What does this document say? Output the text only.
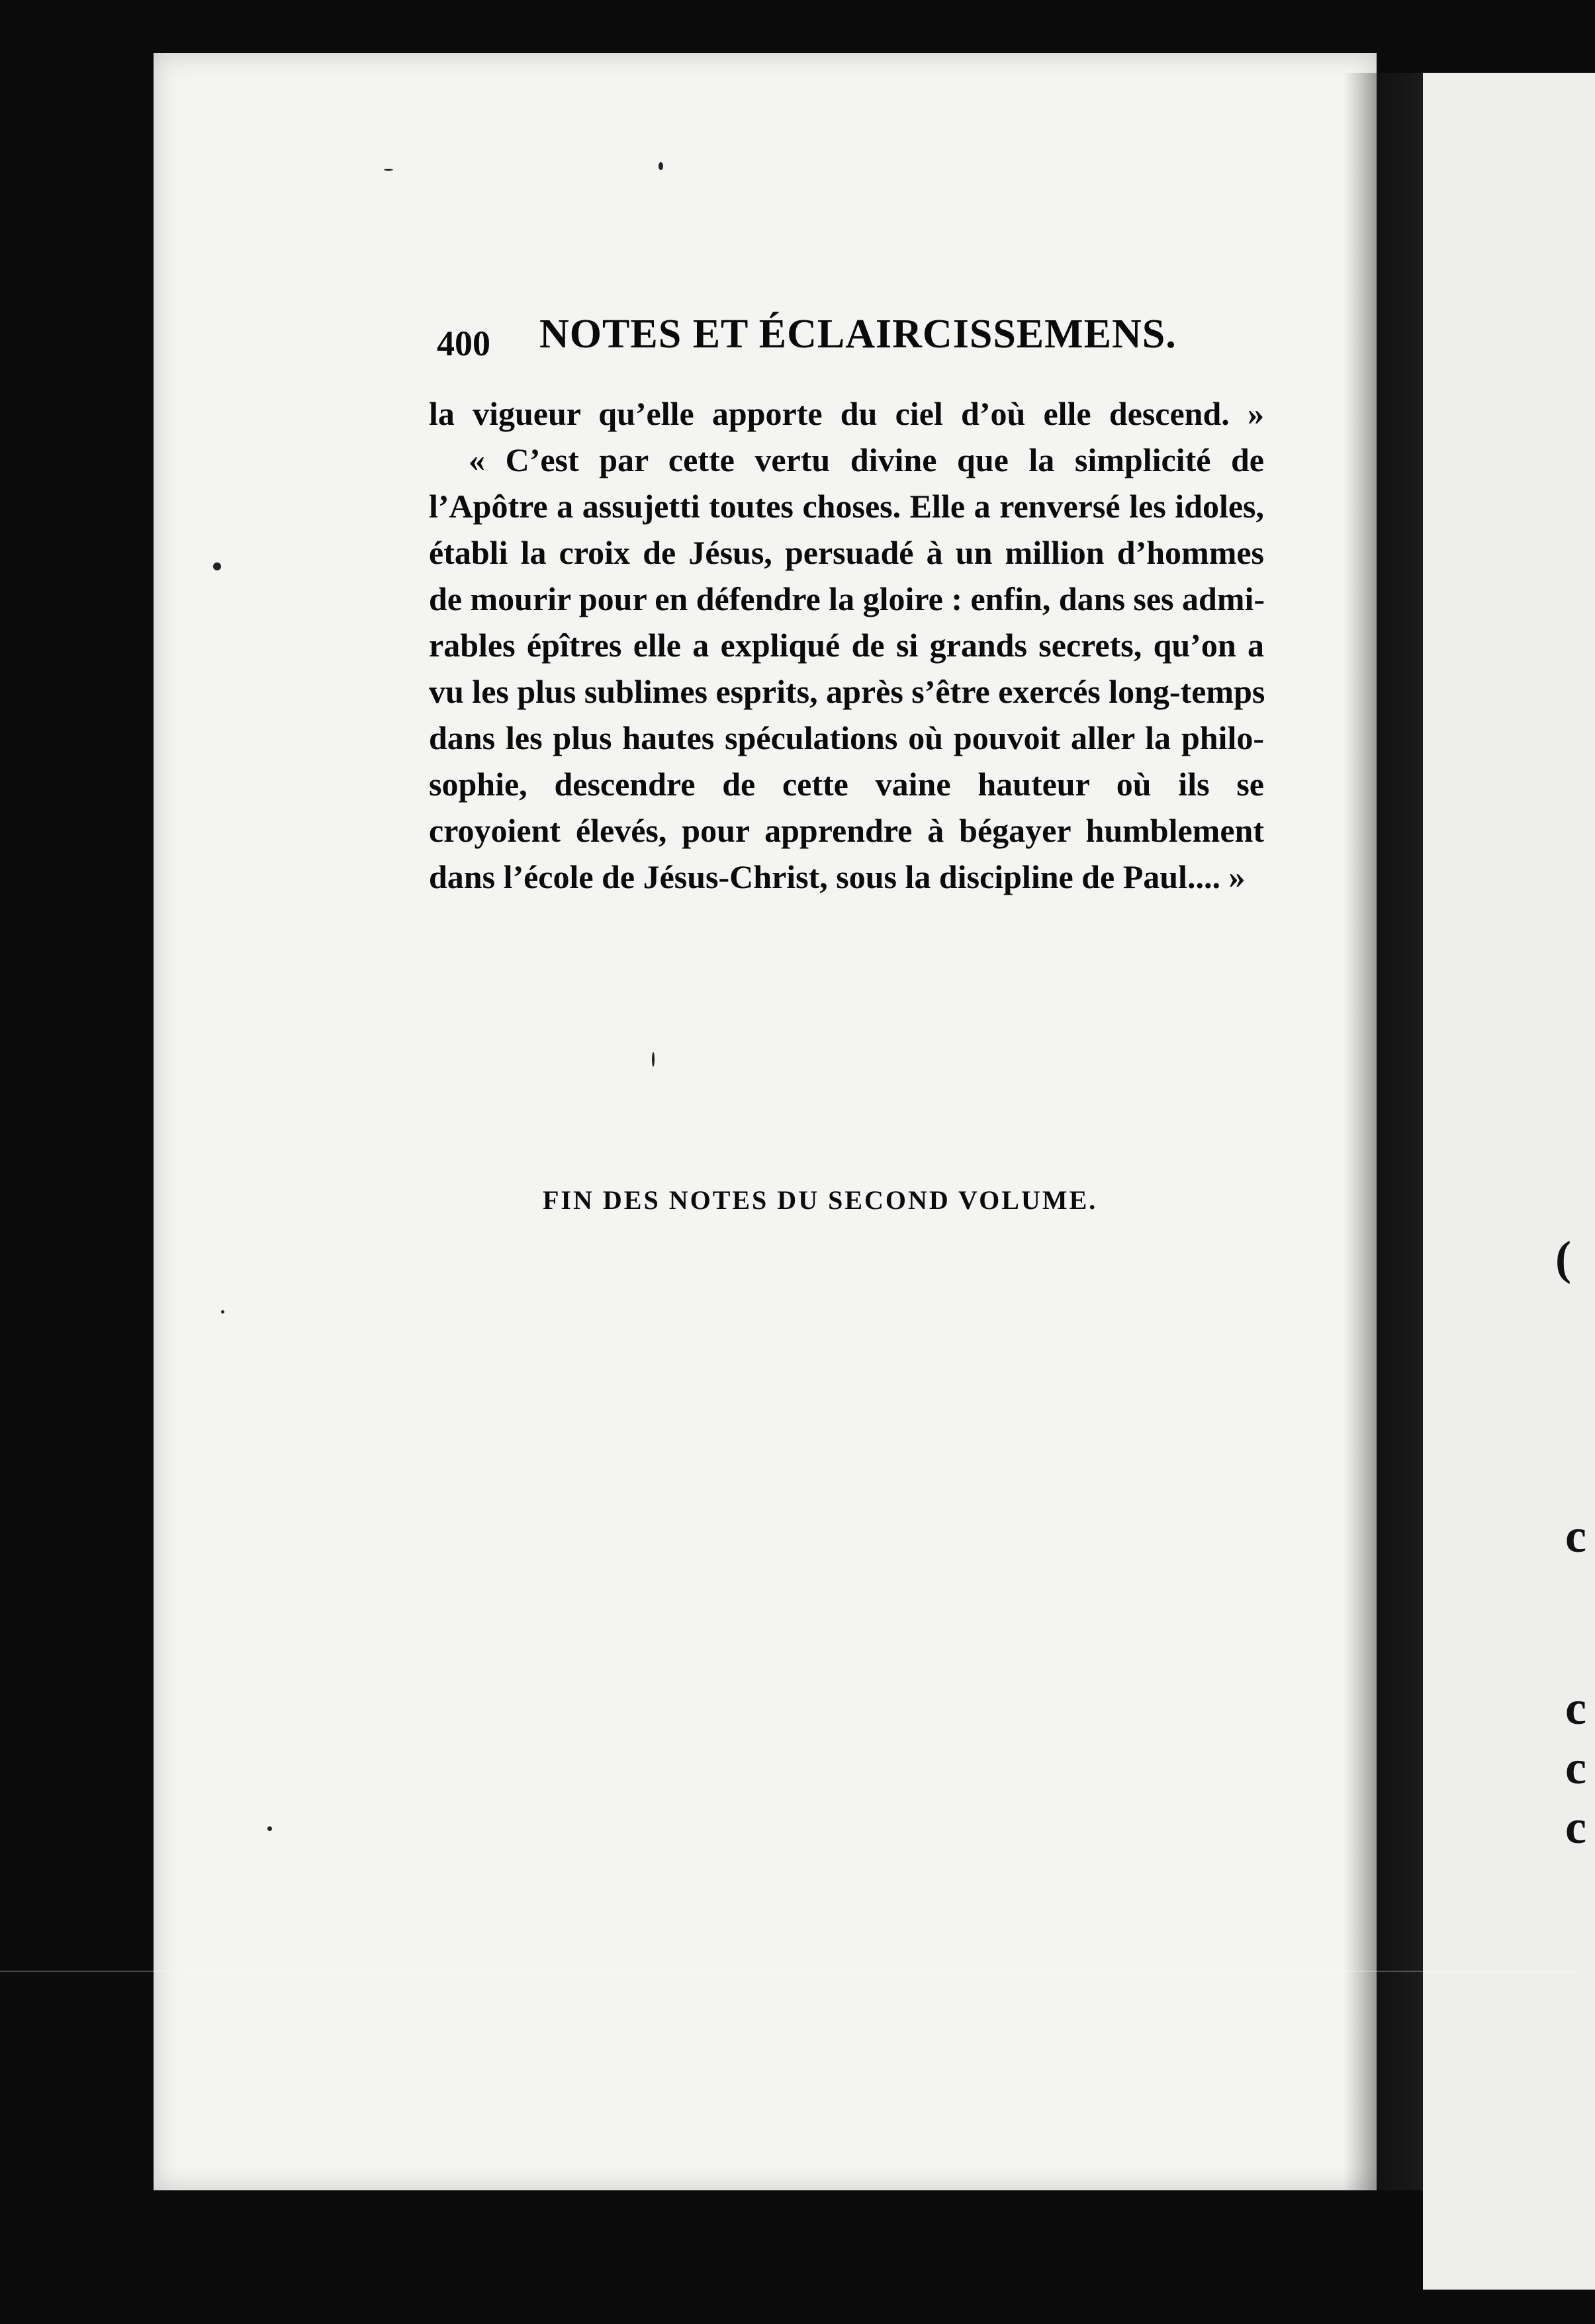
(
c
c
c
c
400 NOTES ET ÉCLAIRCISSEMENS.
la vigueur qu’elle apporte du ciel d’où elle descend. »
« C’est par cette vertu divine que la simplicité de
l’Apôtre a assujetti toutes choses. Elle a renversé les idoles,
établi la croix de Jésus, persuadé à un million d’hommes
de mourir pour en défendre la gloire : enfin, dans ses admi-
rables épîtres elle a expliqué de si grands secrets, qu’on a
vu les plus sublimes esprits, après s’être exercés long-temps
dans les plus hautes spéculations où pouvoit aller la philo-
sophie, descendre de cette vaine hauteur où ils se
croyoient élevés, pour apprendre à bégayer humblement
dans l’école de Jésus-Christ, sous la discipline de Paul.... »
FIN DES NOTES DU SECOND VOLUME.
